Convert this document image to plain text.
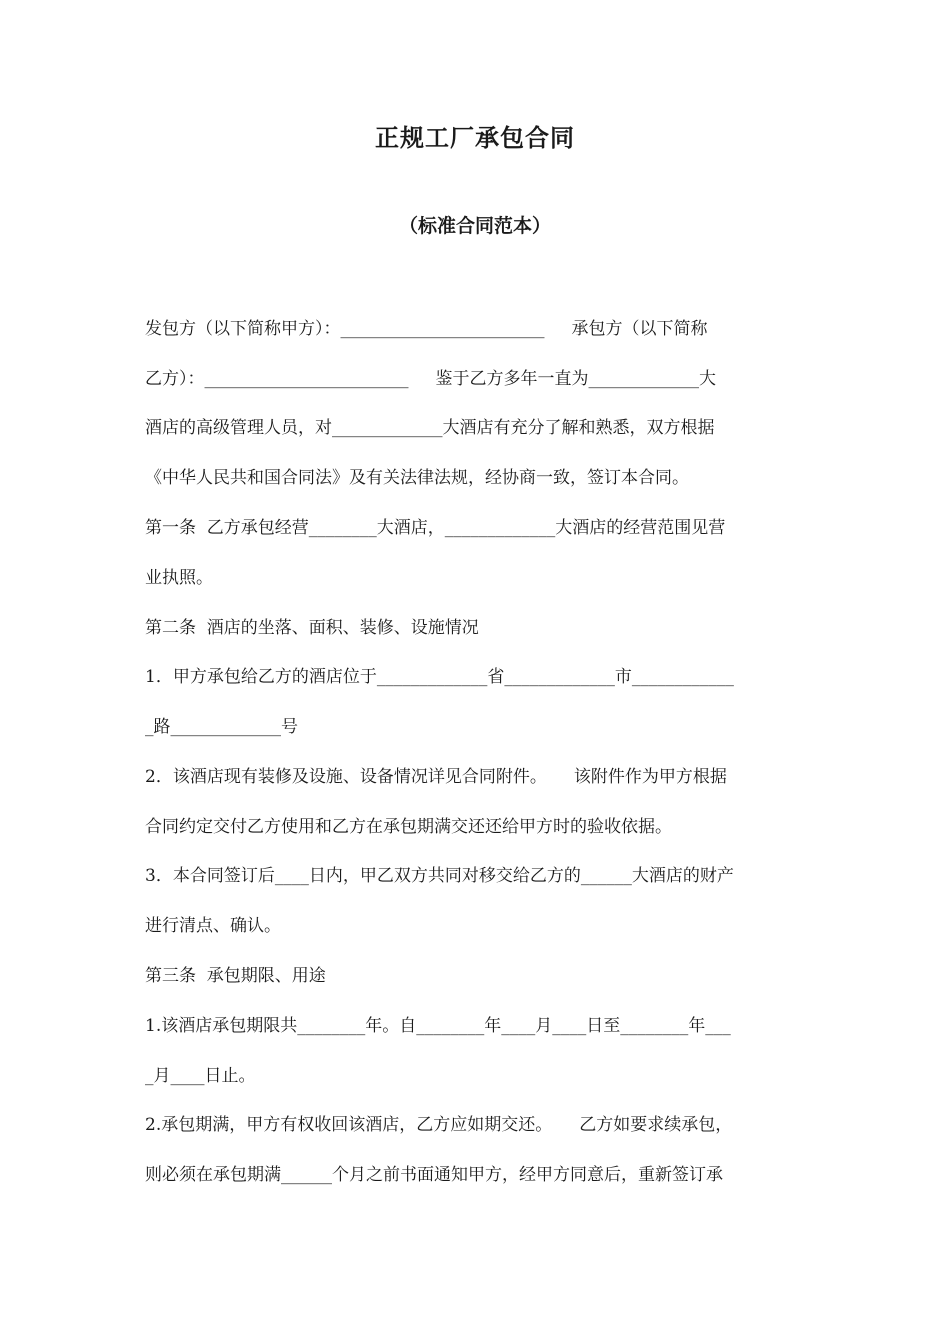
正规工厂承包合同
（标准合同范本）
发包方（以下简称甲方）：________________________     承包方（以下简称
乙方）：________________________     鉴于乙方多年一直为_____________大
酒店的高级管理人员，对_____________大酒店有充分了解和熟悉，双方根据
《中华人民共和国合同法》及有关法律法规，经协商一致，签订本合同。
第一条  乙方承包经营________大酒店，_____________大酒店的经营范围见营
业执照。
第二条  酒店的坐落、面积、装修、设施情况
1．甲方承包给乙方的酒店位于_____________省_____________市____________
_路_____________号
2．该酒店现有装修及设施、设备情况详见合同附件。     该附件作为甲方根据
合同约定交付乙方使用和乙方在承包期满交还还给甲方时的验收依据。
3．本合同签订后____日内，甲乙双方共同对移交给乙方的______大酒店的财产
进行清点、确认。
第三条  承包期限、用途
1.该酒店承包期限共________年。自________年____月____日至________年___
_月____日止。
2.承包期满，甲方有权收回该酒店，乙方应如期交还。     乙方如要求续承包，
则必须在承包期满______个月之前书面通知甲方，经甲方同意后，重新签订承
